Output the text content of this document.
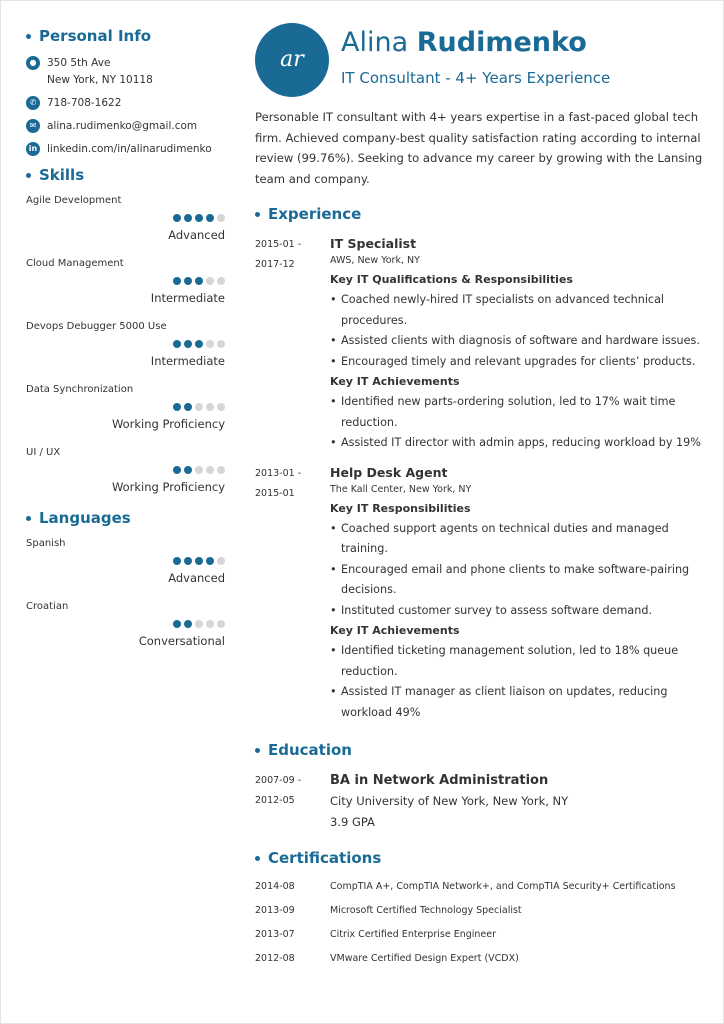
Personal Info
●	350 5th Ave
New York, NY 10118
✆	718-708-1622
✉	alina.rudimenko@gmail.com
in linkedin.com/in/alinarudimenko
Skills
Agile Development
Advanced
Cloud Management
Intermediate
Devops Debugger 5000 Use
Intermediate
Data Synchronization
Working Proficiency
UI / UX
Working Proficiency
Languages
Spanish
Advanced
Croatian
Conversational
ar
Alina Rudimenko
IT Consultant - 4+ Years Experience

Personable IT consultant with 4+ years expertise in a fast-paced global tech firm. Achieved company-best quality satisfaction rating according to internal review (99.76%). Seeking to advance my career by growing with the Lansing team and company.

Experience
2015-01 -
2017-12
IT Specialist
AWS, New York, NY
Key IT Qualifications & Responsibilities
• Coached newly-hired IT specialists on advanced technical procedures.
• Assisted clients with diagnosis of software and hardware issues.
• Encouraged timely and relevant upgrades for clients’ products.
Key IT Achievements
• Identified new parts-ordering solution, led to 17% wait time reduction.
• Assisted IT director with admin apps, reducing workload by 19%
2013-01 -
2015-01
Help Desk Agent
The Kall Center, New York, NY
Key IT Responsibilities
• Coached support agents on technical duties and managed training.
• Encouraged email and phone clients to make software-pairing decisions.
• Instituted customer survey to assess software demand.
Key IT Achievements
• Identified ticketing management solution, led to 18% queue reduction.
• Assisted IT manager as client liaison on updates, reducing workload 49%
Education
2007-09 -
2012-05
BA in Network Administration
City University of New York, New York, NY
3.9 GPA
Certifications
2014-08	CompTIA A+, CompTIA Network+, and CompTIA Security+ Certifications
2013-09	Microsoft Certified Technology Specialist
2013-07	Citrix Certified Enterprise Engineer
2012-08	VMware Certified Design Expert (VCDX)
